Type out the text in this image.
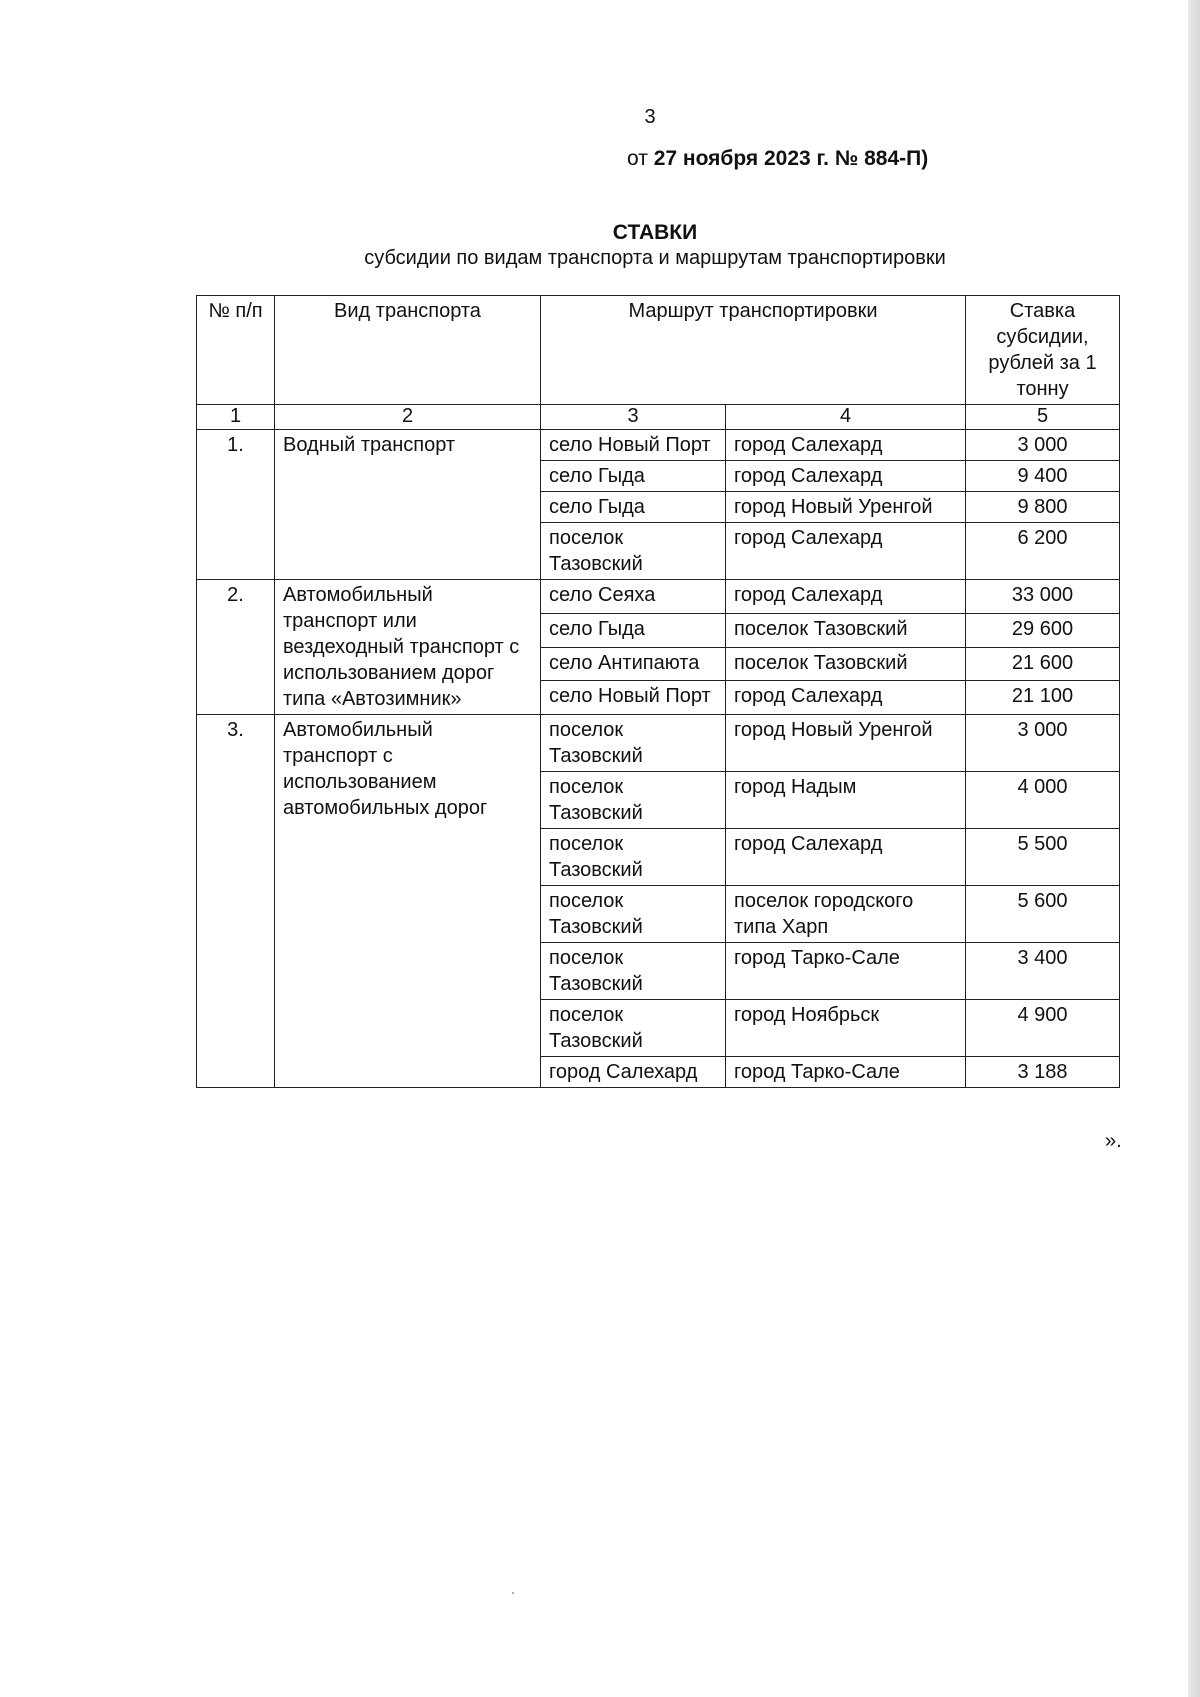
3
от 27 ноября 2023 г. № 884-П)
СТАВКИ
субсидии по видам транспорта и маршрутам транспортировки
№ п/п	Вид транспорта	Маршрут транспортировки		Ставка субсидии, рублей за 1 тонну
1	2	3	4	5
1.	Водный транспорт	село Новый Порт	город Салехард	3 000
		село Гыда	город Салехард	9 400
		село Гыда	город Новый Уренгой	9 800
		поселок Тазовский	город Салехард	6 200
2.	Автомобильный транспорт или вездеходный транспорт с использованием дорог типа «Автозимник»	село Сеяха	город Салехард	33 000
		село Гыда	поселок Тазовский	29 600
		село Антипаюта	поселок Тазовский	21 600
		село Новый Порт	город Салехард	21 100
3.	Автомобильный транспорт с использованием автомобильных дорог	поселок Тазовский	город Новый Уренгой	3 000
		поселок Тазовский	город Надым	4 000
		поселок Тазовский	город Салехард	5 500
		поселок Тазовский	поселок городского типа Харп	5 600
		поселок Тазовский	город Тарко-Сале	3 400
		поселок Тазовский	город Ноябрьск	4 900
		город Салехард	город Тарко-Сале	3 188
».
